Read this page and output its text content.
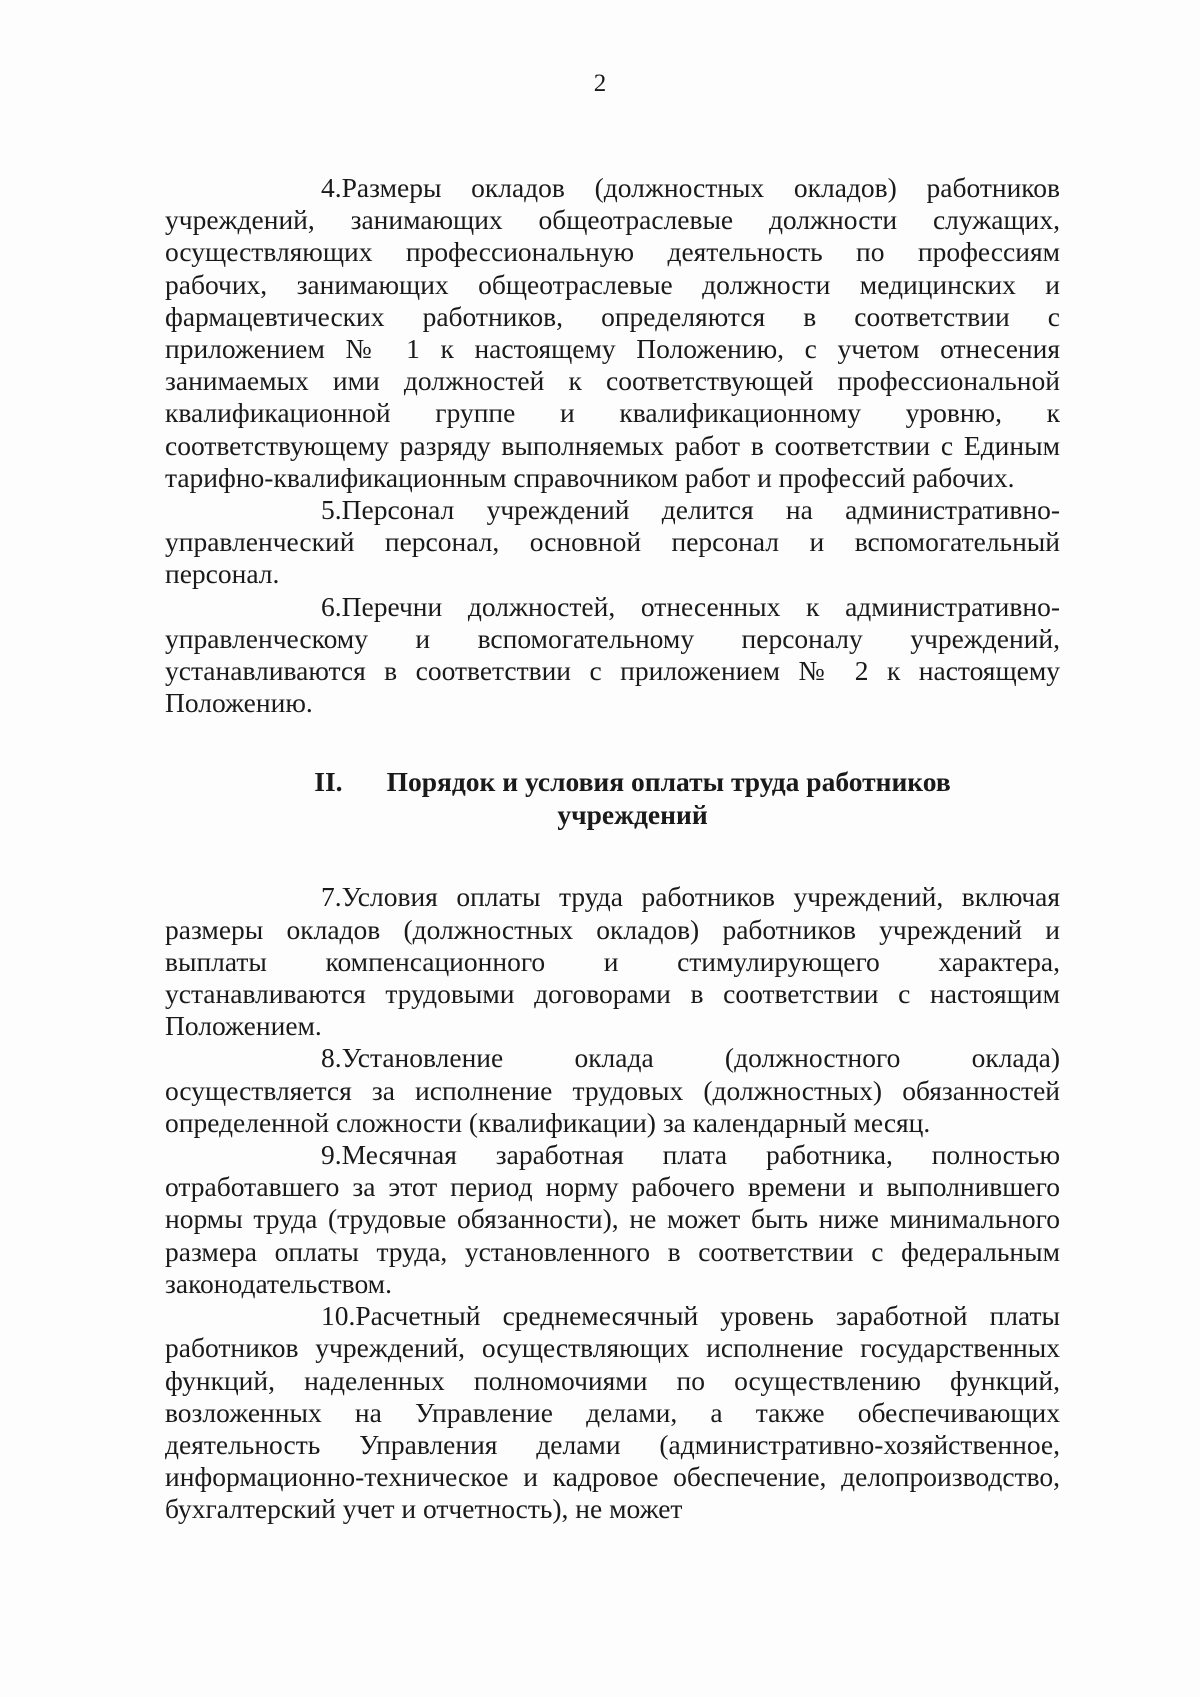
2

4.Размеры окладов (должностных окладов) работников учреждений, занимающих общеотраслевые должности служащих, осуществляющих профессиональную деятельность по профессиям рабочих, занимающих общеотраслевые должности медицинских и фармацевтических работников, определяются в соответствии с приложением № 1 к настоящему Положению, с учетом отнесения занимаемых ими должностей к соответствующей профессиональной квалификационной группе и квалификационному уровню, к соответствующему разряду выполняемых работ в соответствии с Единым тарифно-квалификационным справочником работ и профессий рабочих.

5.Персонал учреждений делится на административно-управленческий персонал, основной персонал и вспомогательный персонал.

6.Перечни должностей, отнесенных к административно-управленческому и вспомогательному персоналу учреждений, устанавливаются в соответствии с приложением № 2 к настоящему Положению.

II. Порядок и условия оплаты труда работников
учреждений

7.Условия оплаты труда работников учреждений, включая размеры окладов (должностных окладов) работников учреждений и выплаты компенсационного и стимулирующего характера, устанавливаются трудовыми договорами в соответствии с настоящим Положением.

8.Установление оклада (должностного оклада) осуществляется за исполнение трудовых (должностных) обязанностей определенной сложности (квалификации) за календарный месяц.

9.Месячная заработная плата работника, полностью отработавшего за этот период норму рабочего времени и выполнившего нормы труда (трудовые обязанности), не может быть ниже минимального размера оплаты труда, установленного в соответствии с федеральным законодательством.

10.Расчетный среднемесячный уровень заработной платы работников учреждений, осуществляющих исполнение государственных функций, наделенных полномочиями по осуществлению функций, возложенных на Управление делами, а также обеспечивающих деятельность Управления делами (административно-хозяйственное, информационно-техническое и кадровое обеспечение, делопроизводство, бухгалтерский учет и отчетность), не может
